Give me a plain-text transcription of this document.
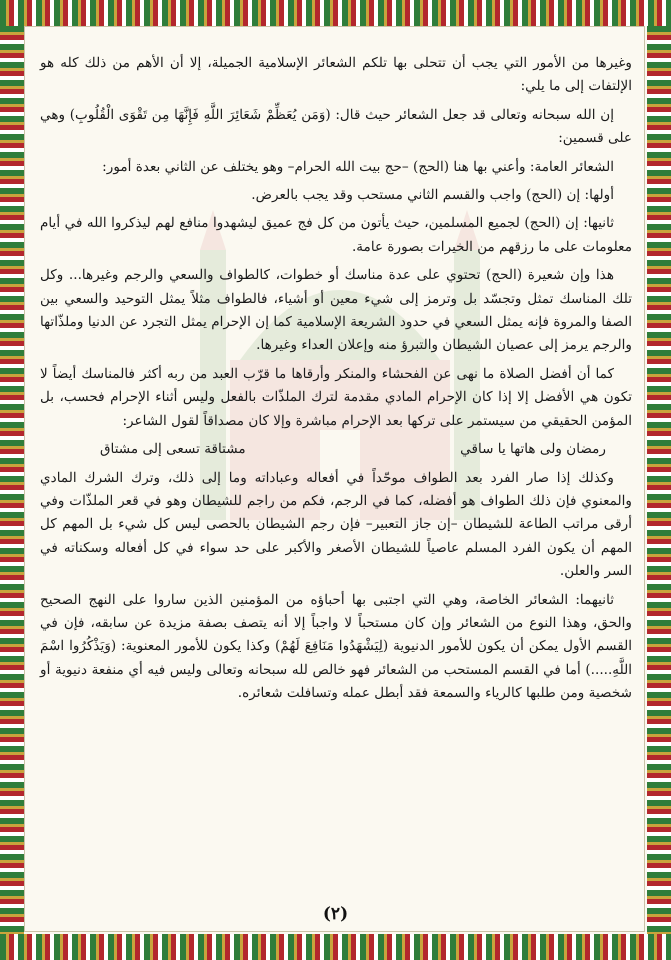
وغيرها من الأمور التي يجب أن تتحلى بها تلكم الشعائر الإسلامية الجميلة، إلا أن الأهم من ذلك كله هو الإلتفات إلى ما يلي:

إن الله سبحانه وتعالى قد جعل الشعائر حيث قال: (وَمَن يُعَظِّمْ شَعَائِرَ اللَّهِ فَإِنَّهَا مِن تَقْوَى الْقُلُوبِ) وهي على قسمين:

الشعائر العامة: وأعني بها هنا (الحج) –حج بيت الله الحرام– وهو يختلف عن الثاني بعدة أمور:

أولها: إن (الحج) واجب والقسم الثاني مستحب وقد يجب بالعرض.

ثانيها: إن (الحج) لجميع المسلمين، حيث يأتون من كل فج عميق ليشهدوا منافع لهم ليذكروا الله في أيام معلومات على ما رزقهم من الخيرات بصورة عامة.

هذا وإن شعيرة (الحج) تحتوي على عدة مناسك أو خطوات، كالطواف والسعي والرجم وغيرها... وكل تلك المناسك تمثل وتجسّد بل وترمز إلى شيء معين أو أشياء، فالطواف مثلاً يمثل التوحيد والسعي بين الصفا والمروة فإنه يمثل السعي في حدود الشريعة الإسلامية كما إن الإحرام يمثل التجرد عن الدنيا وملذّاتها والرجم يرمز إلى عصيان الشيطان والتبرؤ منه وإعلان العداء وغيرها.

كما أن أفضل الصلاة ما نهى عن الفحشاء والمنكر وأرقاها ما قرّب العبد من ربه أكثر فالمناسك أيضاً لا تكون هي الأفضل إلا إذا كان الإحرام المادي مقدمة لترك الملذّات بالفعل وليس أثناء الإحرام فحسب، بل المؤمن الحقيقي من سيستمر على تركها بعد الإحرام مباشرة وإلا كان مصداقاً لقول الشاعر:

رمضان ولى هاتها يا ساقي
مشتاقة تسعى إلى مشتاق

وكذلك إذا صار الفرد بعد الطواف موحّداً في أفعاله وعباداته وما إلى ذلك، وترك الشرك المادي والمعنوي فإن ذلك الطواف هو أفضله، كما في الرجم، فكم من راجم للشيطان وهو في قعر الملذّات وفي أرقى مراتب الطاعة للشيطان –إن جاز التعبير– فإن رجم الشيطان بالحصى ليس كل شيء بل المهم كل المهم أن يكون الفرد المسلم عاصياً للشيطان الأصغر والأكبر على حد سواء في كل أفعاله وسكناته في السر والعلن.

ثانيهما: الشعائر الخاصة، وهي التي اجتبى بها أحباؤه من المؤمنين الذين ساروا على النهج الصحيح والحق، وهذا النوع من الشعائر وإن كان مستحباً لا واجباً إلا أنه يتصف بصفة مزيدة عن سابقه، فإن في القسم الأول يمكن أن يكون للأمور الدنيوية (لِيَشْهَدُوا مَنَافِعَ لَهُمْ) وكذا يكون للأمور المعنوية: (وَيَذْكُرُوا اسْمَ اللَّهِ.....) أما في القسم المستحب من الشعائر فهو خالص لله سبحانه وتعالى وليس فيه أي منفعة دنيوية أو شخصية ومن طلبها كالرياء والسمعة فقد أبطل عمله وتسافلت شعائره.

(٢)
